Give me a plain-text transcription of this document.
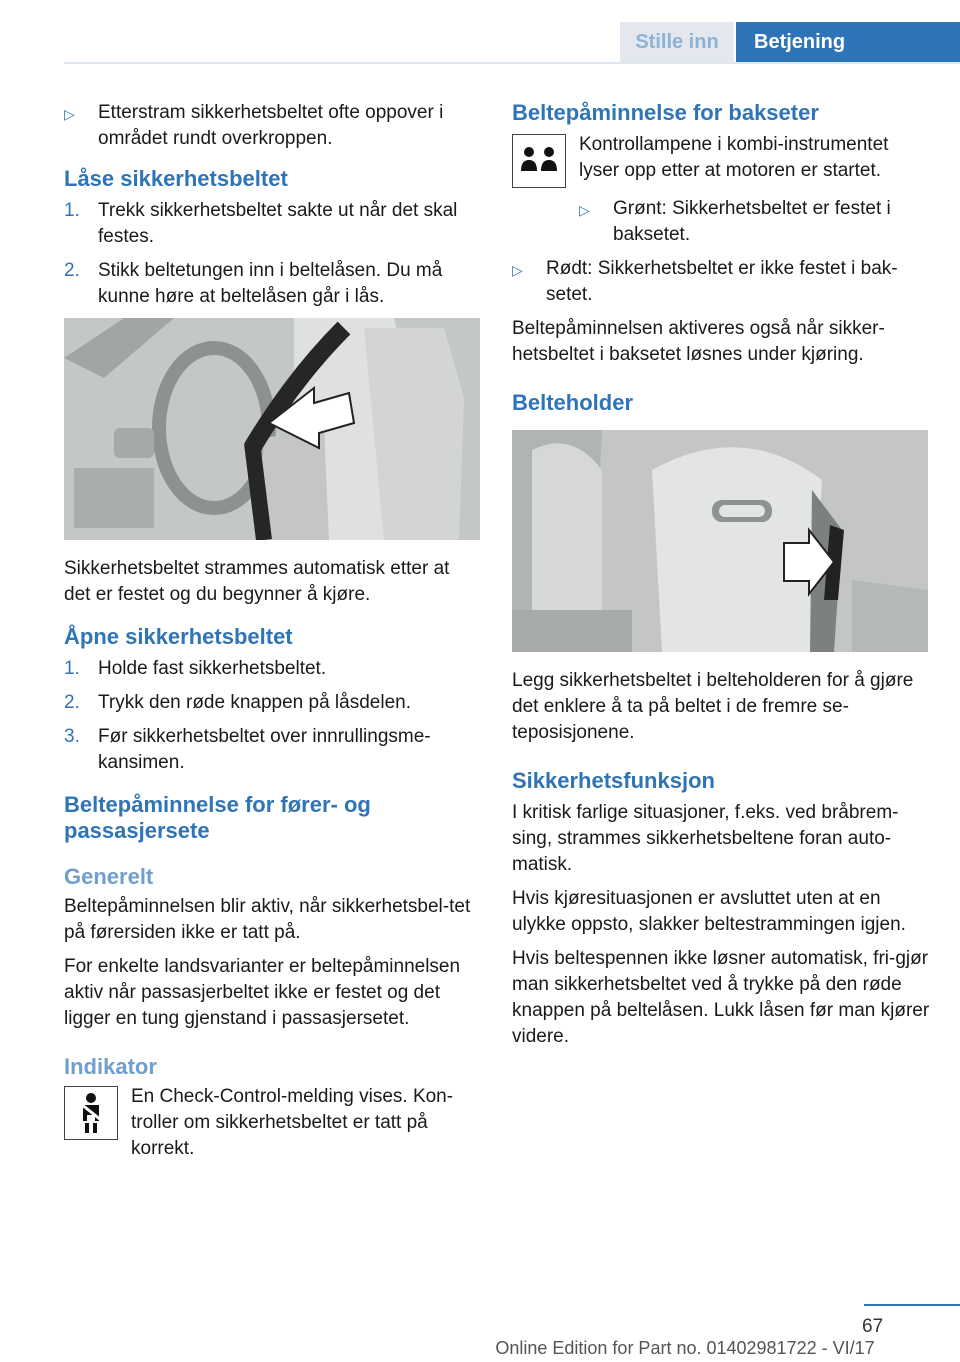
Stille inn	Betjening
▷	Etterstram sikkerhetsbeltet ofte oppover i området rundt overkroppen.
Låse sikkerhetsbeltet
1. Trekk sikkerhetsbeltet sakte ut når det skal festes.
2. Stikk beltetungen inn i beltelåsen. Du må kunne høre at beltelåsen går i lås.

Sikkerhetsbeltet strammes automatisk etter at det er festet og du begynner å kjøre.

Åpne sikkerhetsbeltet
1. Holde fast sikkerhetsbeltet.
2. Trykk den røde knappen på låsdelen.
3. Før sikkerhetsbeltet over innrullingsme‐kansimen.
Beltepåminnelse for fører- og passasjersete
Generelt

Beltepåminnelsen blir aktiv, når sikkerhetsbel‐tet på førersiden ikke er tatt på.

For enkelte landsvarianter er beltepåminnelsen aktiv når passasjerbeltet ikke er festet og det ligger en tung gjenstand i passasjersetet.

Indikator
En Check-Control-melding vises. Kon‐troller om sikkerhetsbeltet er tatt på korrekt.
Beltepåminnelse for bakseter
Kontrollampene i kombi-instrumentet lyser opp etter at motoren er startet.
▷	Grønt: Sikkerhetsbeltet er festet i baksetet.
▷	Rødt: Sikkerhetsbeltet er ikke festet i bak‐setet.

Beltepåminnelsen aktiveres også når sikker‐hetsbeltet i baksetet løsnes under kjøring.

Belteholder

Legg sikkerhetsbeltet i belteholderen for å gjøre det enklere å ta på beltet i de fremre se‐teposisjonene.

Sikkerhetsfunksjon

I kritisk farlige situasjoner, f.eks. ved bråbrem‐sing, strammes sikkerhetsbeltene foran auto‐matisk.

Hvis kjøresituasjonen er avsluttet uten at en ulykke oppsto, slakker beltestrammingen igjen.

Hvis beltespennen ikke løsner automatisk, fri‐gjør man sikkerhetsbeltet ved å trykke på den røde knappen på beltelåsen. Lukk låsen før man kjører videre.

67
Online Edition for Part no. 01402981722 - VI/17
